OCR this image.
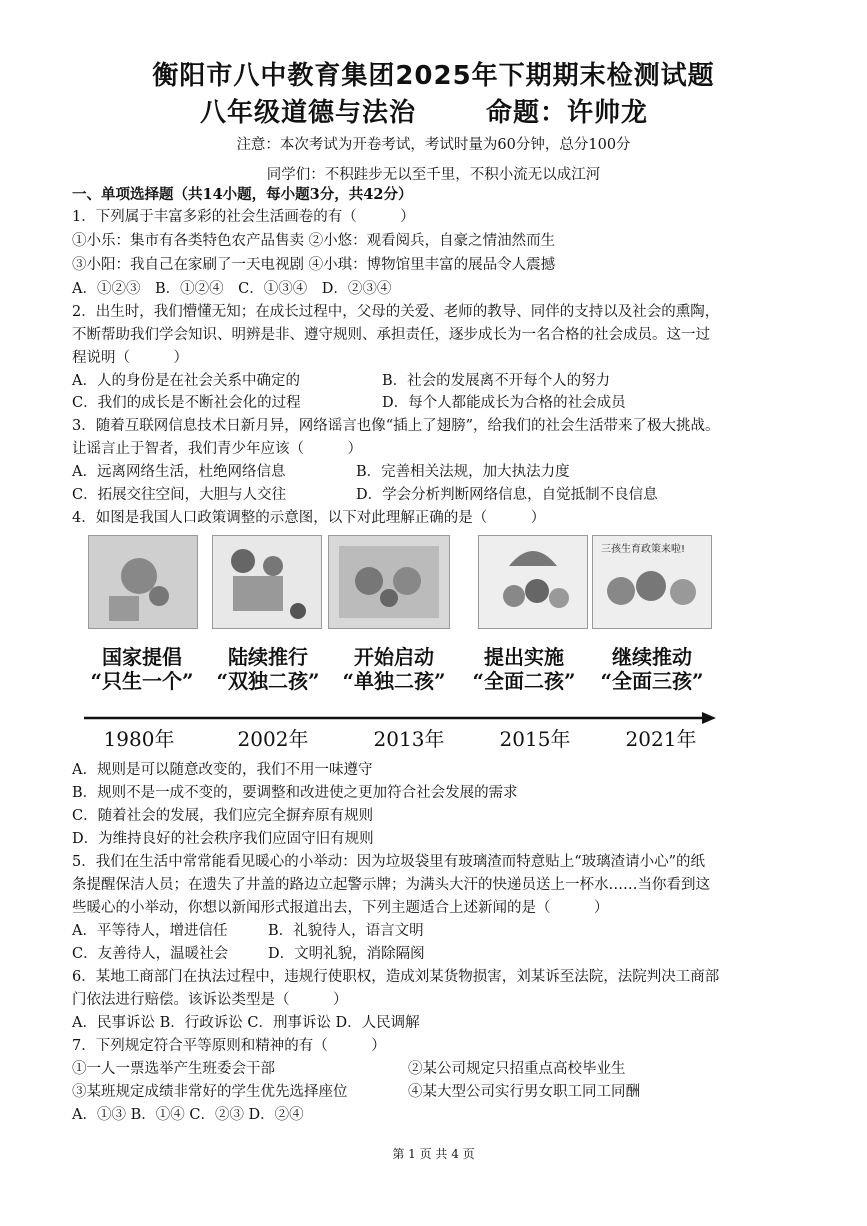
衡阳市八中教育集团2025年下期期末检测试题
八年级道德与法治	命题：许帅龙
注意：本次考试为开卷考试，考试时量为60分钟，总分100分
同学们：不积跬步无以至千里，不积小流无以成江河
一、单项选择题（共14小题，每小题3分，共42分）
1．下列属于丰富多彩的社会生活画卷的有（　　　）
①小乐：集市有各类特色农产品售卖 ②小悠：观看阅兵，自豪之情油然而生
③小阳：我自己在家刷了一天电视剧 ④小琪：博物馆里丰富的展品令人震撼
A．①②③　B．①②④　C．①③④　D．②③④
2．出生时，我们懵懂无知；在成长过程中，父母的关爱、老师的教导、同伴的支持以及社会的熏陶，
不断帮助我们学会知识、明辨是非、遵守规则、承担责任，逐步成长为一名合格的社会成员。这一过
程说明（　　　）
A．人的身份是在社会关系中确定的	B．社会的发展离不开每个人的努力
C．我们的成长是不断社会化的过程	D．每个人都能成长为合格的社会成员
3．随着互联网信息技术日新月异，网络谣言也像“插上了翅膀”，给我们的社会生活带来了极大挑战。
让谣言止于智者，我们青少年应该（　　　）
A．远离网络生活，杜绝网络信息	B．完善相关法规，加大执法力度
C．拓展交往空间，大胆与人交往	D．学会分析判断网络信息，自觉抵制不良信息
4．如图是我国人口政策调整的示意图，以下对此理解正确的是（　　　）
三孩生育政策来啦!
国家提倡
“只生一个”
陆续推行
“双独二孩”
开始启动
“单独二孩”
提出实施
“全面二孩”
继续推动
“全面三孩”
1980年	2002年	2013年	2015年	2021年
A．规则是可以随意改变的，我们不用一味遵守
B．规则不是一成不变的，要调整和改进使之更加符合社会发展的需求
C．随着社会的发展，我们应完全摒弃原有规则
D．为维持良好的社会秩序我们应固守旧有规则
5．我们在生活中常常能看见暖心的小举动：因为垃圾袋里有玻璃渣而特意贴上“玻璃渣请小心”的纸
条提醒保洁人员；在遗失了井盖的路边立起警示牌；为满头大汗的快递员送上一杯水……当你看到这
些暖心的小举动，你想以新闻形式报道出去，下列主题适合上述新闻的是（　　　）
A．平等待人，增进信任	B．礼貌待人，语言文明
C．友善待人，温暖社会	D．文明礼貌，消除隔阂
6．某地工商部门在执法过程中，违规行使职权，造成刘某货物损害，刘某诉至法院，法院判决工商部
门依法进行赔偿。该诉讼类型是（　　　）
A．民事诉讼 B．行政诉讼 C．刑事诉讼 D．人民调解
7．下列规定符合平等原则和精神的有（　　　）
①一人一票选举产生班委会干部	②某公司规定只招重点高校毕业生
③某班规定成绩非常好的学生优先选择座位	④某大型公司实行男女职工同工同酬
A．①③ B．①④ C．②③ D．②④
第 1 页 共 4 页
